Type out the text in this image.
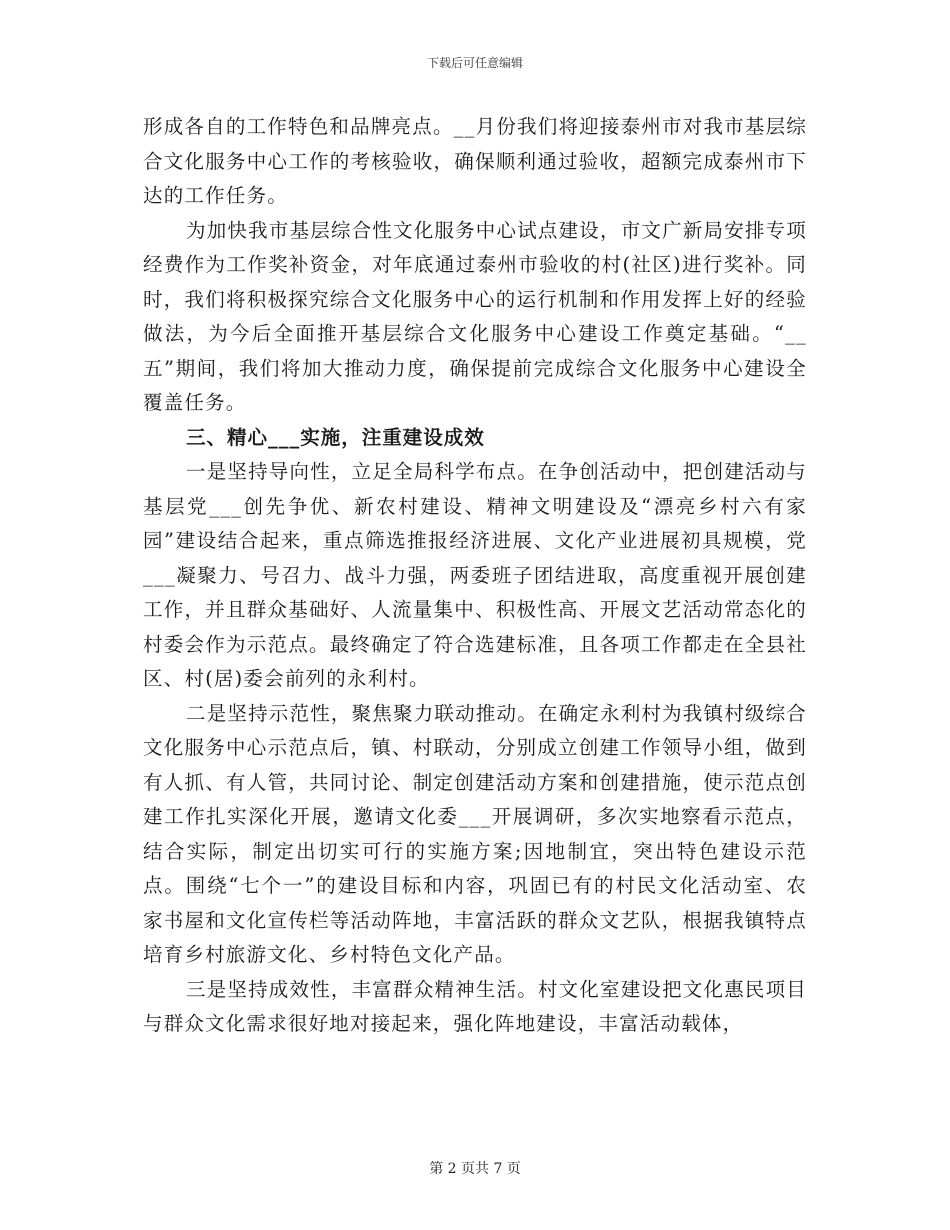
下载后可任意编辑

形成各自的工作特色和品牌亮点。__月份我们将迎接泰州市对我市基层综合文化服务中心工作的考核验收，确保顺利通过验收，超额完成泰州市下达的工作任务。

为加快我市基层综合性文化服务中心试点建设，市文广新局安排专项经费作为工作奖补资金，对年底通过泰州市验收的村(社区)进行奖补。同时，我们将积极探究综合文化服务中心的运行机制和作用发挥上好的经验做法，为今后全面推开基层综合文化服务中心建设工作奠定基础。“__五”期间，我们将加大推动力度，确保提前完成综合文化服务中心建设全覆盖任务。

三、精心___实施，注重建设成效

一是坚持导向性，立足全局科学布点。在争创活动中，把创建活动与基层党___创先争优、新农村建设、精神文明建设及“漂亮乡村六有家园”建设结合起来，重点筛选推报经济进展、文化产业进展初具规模，党___凝聚力、号召力、战斗力强，两委班子团结进取，高度重视开展创建工作，并且群众基础好、人流量集中、积极性高、开展文艺活动常态化的村委会作为示范点。最终确定了符合选建标准，且各项工作都走在全县社区、村(居)委会前列的永利村。

二是坚持示范性，聚焦聚力联动推动。在确定永利村为我镇村级综合文化服务中心示范点后，镇、村联动，分别成立创建工作领导小组，做到有人抓、有人管，共同讨论、制定创建活动方案和创建措施，使示范点创建工作扎实深化开展，邀请文化委___开展调研，多次实地察看示范点，结合实际，制定出切实可行的实施方案;因地制宜，突出特色建设示范点。围绕“七个一”的建设目标和内容，巩固已有的村民文化活动室、农家书屋和文化宣传栏等活动阵地，丰富活跃的群众文艺队，根据我镇特点培育乡村旅游文化、乡村特色文化产品。

三是坚持成效性，丰富群众精神生活。村文化室建设把文化惠民项目与群众文化需求很好地对接起来，强化阵地建设，丰富活动载体，

第 2 页共 7 页
